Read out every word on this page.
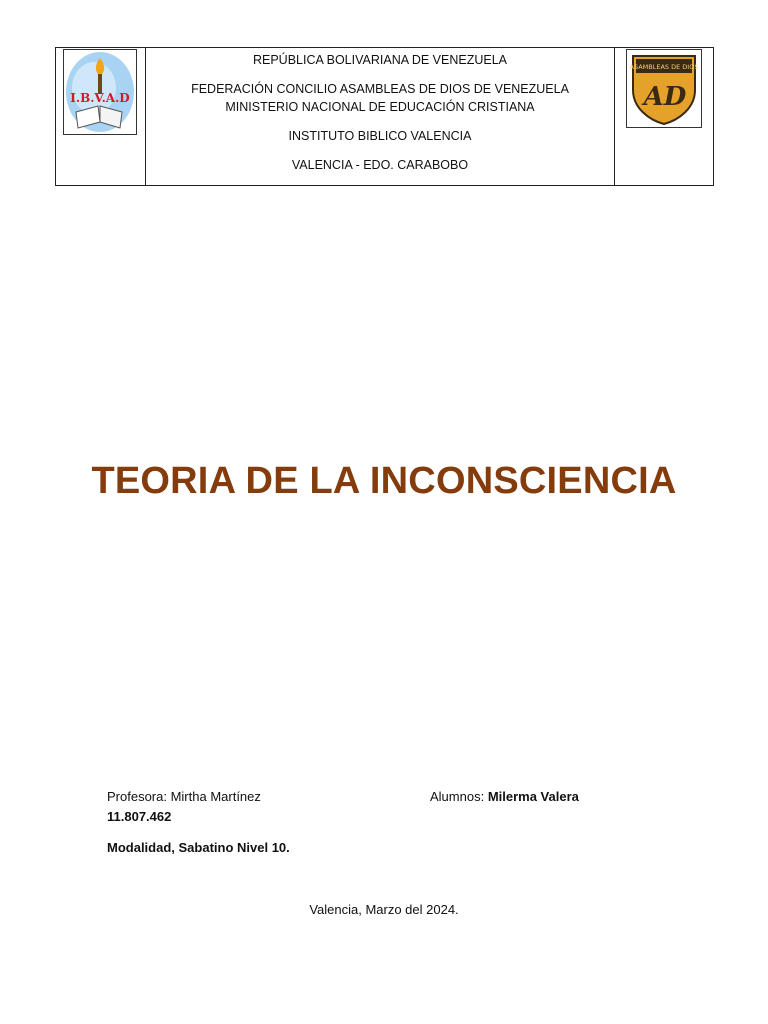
I.B.V.A.D

REPÚBLICA BOLIVARIANA DE VENEZUELA

FEDERACIÓN CONCILIO ASAMBLEAS DE DIOS DE VENEZUELA MINISTERIO NACIONAL DE EDUCACIÓN CRISTIANA

INSTITUTO BIBLICO VALENCIA

VALENCIA - EDO. CARABOBO

ASAMBLEAS DE DIOS
AD
TEORIA DE LA INCONSCIENCIA
Profesora: Mirtha Martínez
11.807.462
Alumnos: Milerma Valera
Modalidad, Sabatino Nivel 10.
Valencia, Marzo del 2024.
